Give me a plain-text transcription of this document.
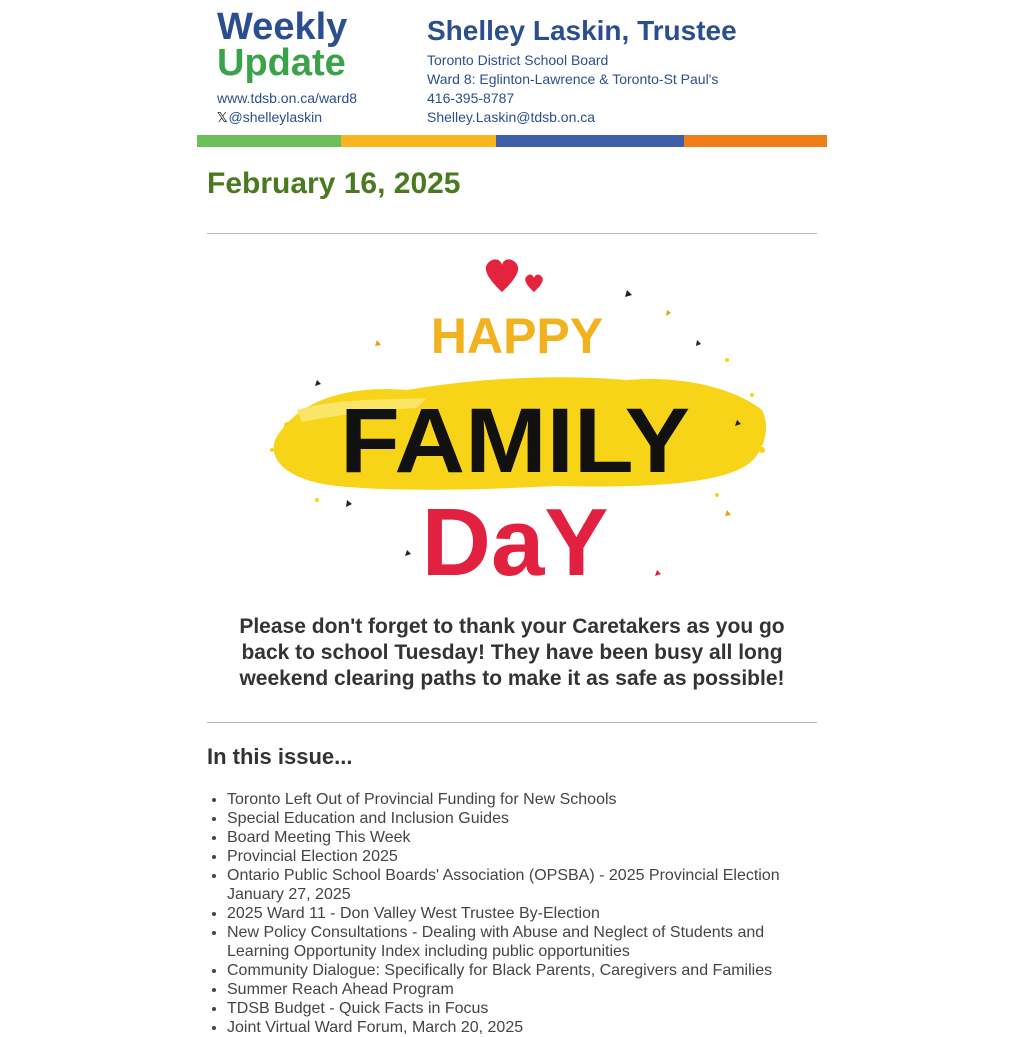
Weekly
Update
www.tdsb.on.ca/ward8
𝕏@shelleylaskin
Shelley Laskin, Trustee
Toronto District School Board
Ward 8: Eglinton-Lawrence & Toronto-St Paul's
416-395-8787
Shelley.Laskin@tdsb.on.ca
February 16, 2025
HAPPY
FAMILY
DaY
Please don't forget to thank your Caretakers as you go back to school Tuesday! They have been busy all long weekend clearing paths to make it as safe as possible!
In this issue...
• Toronto Left Out of Provincial Funding for New Schools
• Special Education and Inclusion Guides
• Board Meeting This Week
• Provincial Election 2025
• Ontario Public School Boards' Association (OPSBA) - 2025 Provincial Election January 27, 2025
• 2025 Ward 11 - Don Valley West Trustee By-Election
• New Policy Consultations - Dealing with Abuse and Neglect of Students and Learning Opportunity Index including public opportunities
• Community Dialogue: Specifically for Black Parents, Caregivers and Families
• Summer Reach Ahead Program
• TDSB Budget - Quick Facts in Focus
• Joint Virtual Ward Forum, March 20, 2025
